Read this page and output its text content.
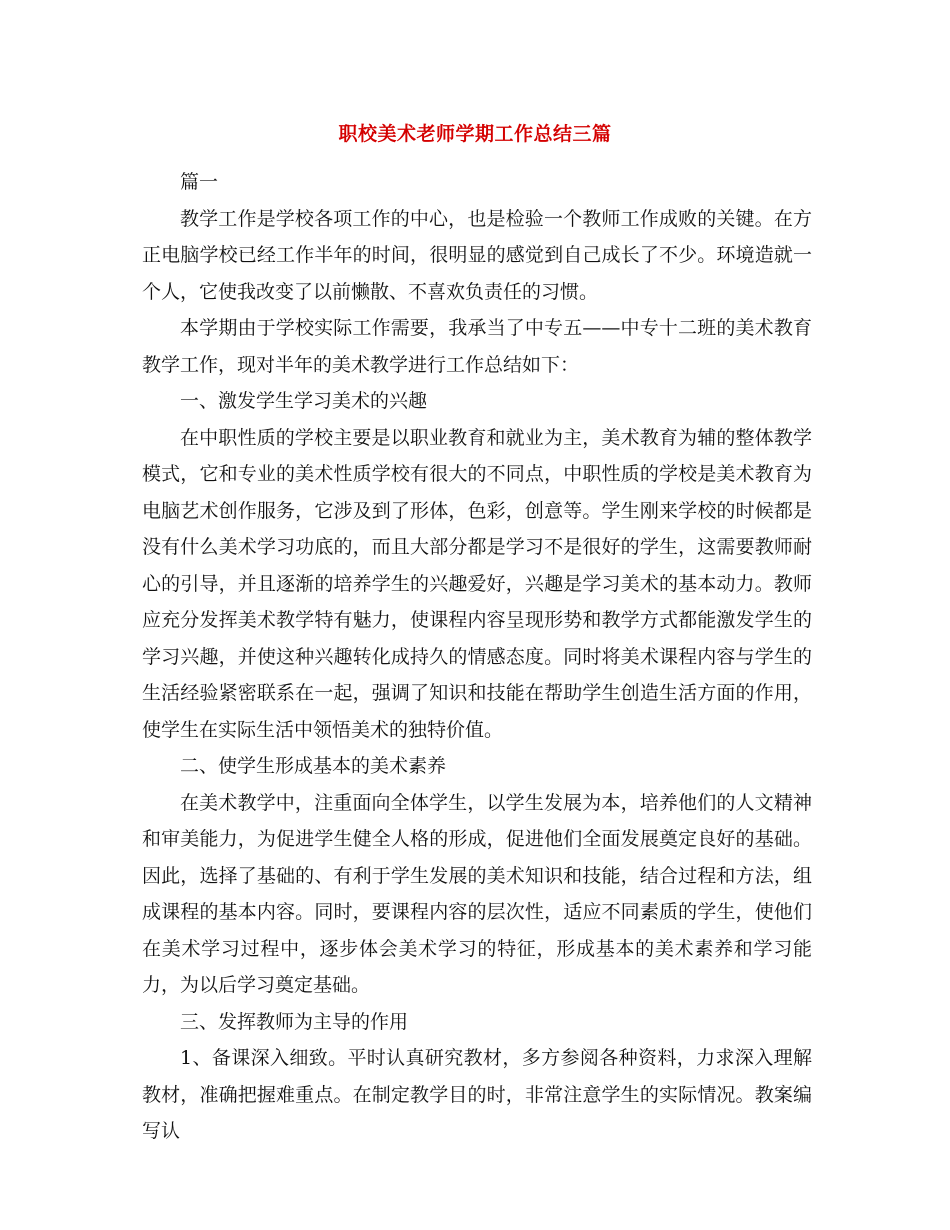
职校美术老师学期工作总结三篇

篇一

教学工作是学校各项工作的中心，也是检验一个教师工作成败的关键。在方正电脑学校已经工作半年的时间，很明显的感觉到自己成长了不少。环境造就一个人，它使我改变了以前懒散、不喜欢负责任的习惯。

本学期由于学校实际工作需要，我承当了中专五——中专十二班的美术教育教学工作，现对半年的美术教学进行工作总结如下：

一、激发学生学习美术的兴趣

在中职性质的学校主要是以职业教育和就业为主，美术教育为辅的整体教学模式，它和专业的美术性质学校有很大的不同点，中职性质的学校是美术教育为电脑艺术创作服务，它涉及到了形体，色彩，创意等。学生刚来学校的时候都是没有什么美术学习功底的，而且大部分都是学习不是很好的学生，这需要教师耐心的引导，并且逐渐的培养学生的兴趣爱好，兴趣是学习美术的基本动力。教师应充分发挥美术教学特有魅力，使课程内容呈现形势和教学方式都能激发学生的学习兴趣，并使这种兴趣转化成持久的情感态度。同时将美术课程内容与学生的生活经验紧密联系在一起，强调了知识和技能在帮助学生创造生活方面的作用，使学生在实际生活中领悟美术的独特价值。

二、使学生形成基本的美术素养

在美术教学中，注重面向全体学生，以学生发展为本，培养他们的人文精神和审美能力，为促进学生健全人格的形成，促进他们全面发展奠定良好的基础。因此，选择了基础的、有利于学生发展的美术知识和技能，结合过程和方法，组成课程的基本内容。同时，要课程内容的层次性，适应不同素质的学生，使他们在美术学习过程中，逐步体会美术学习的特征，形成基本的美术素养和学习能力，为以后学习奠定基础。

三、发挥教师为主导的作用

1、备课深入细致。平时认真研究教材，多方参阅各种资料，力求深入理解教材，准确把握难重点。在制定教学目的时，非常注意学生的实际情况。教案编写认
